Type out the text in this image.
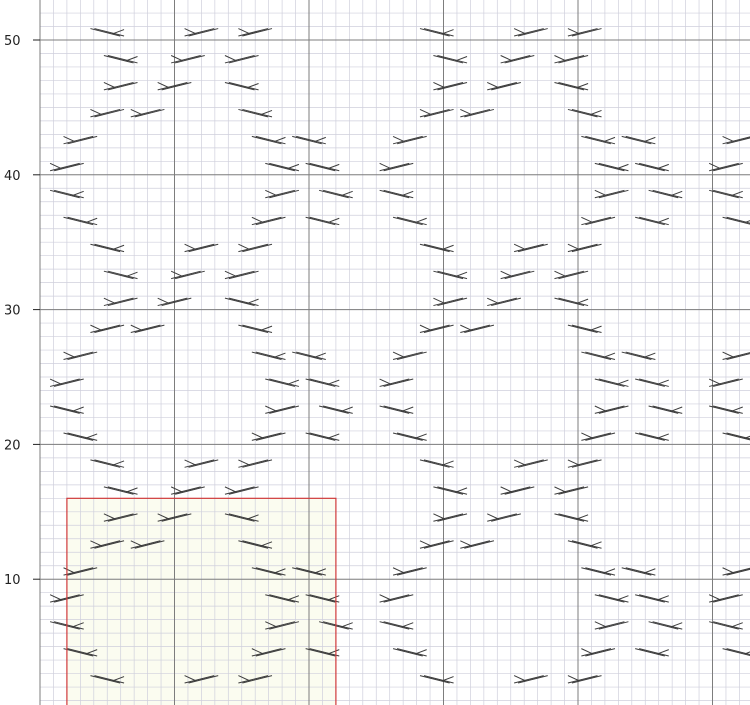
10
20
30
40
50
